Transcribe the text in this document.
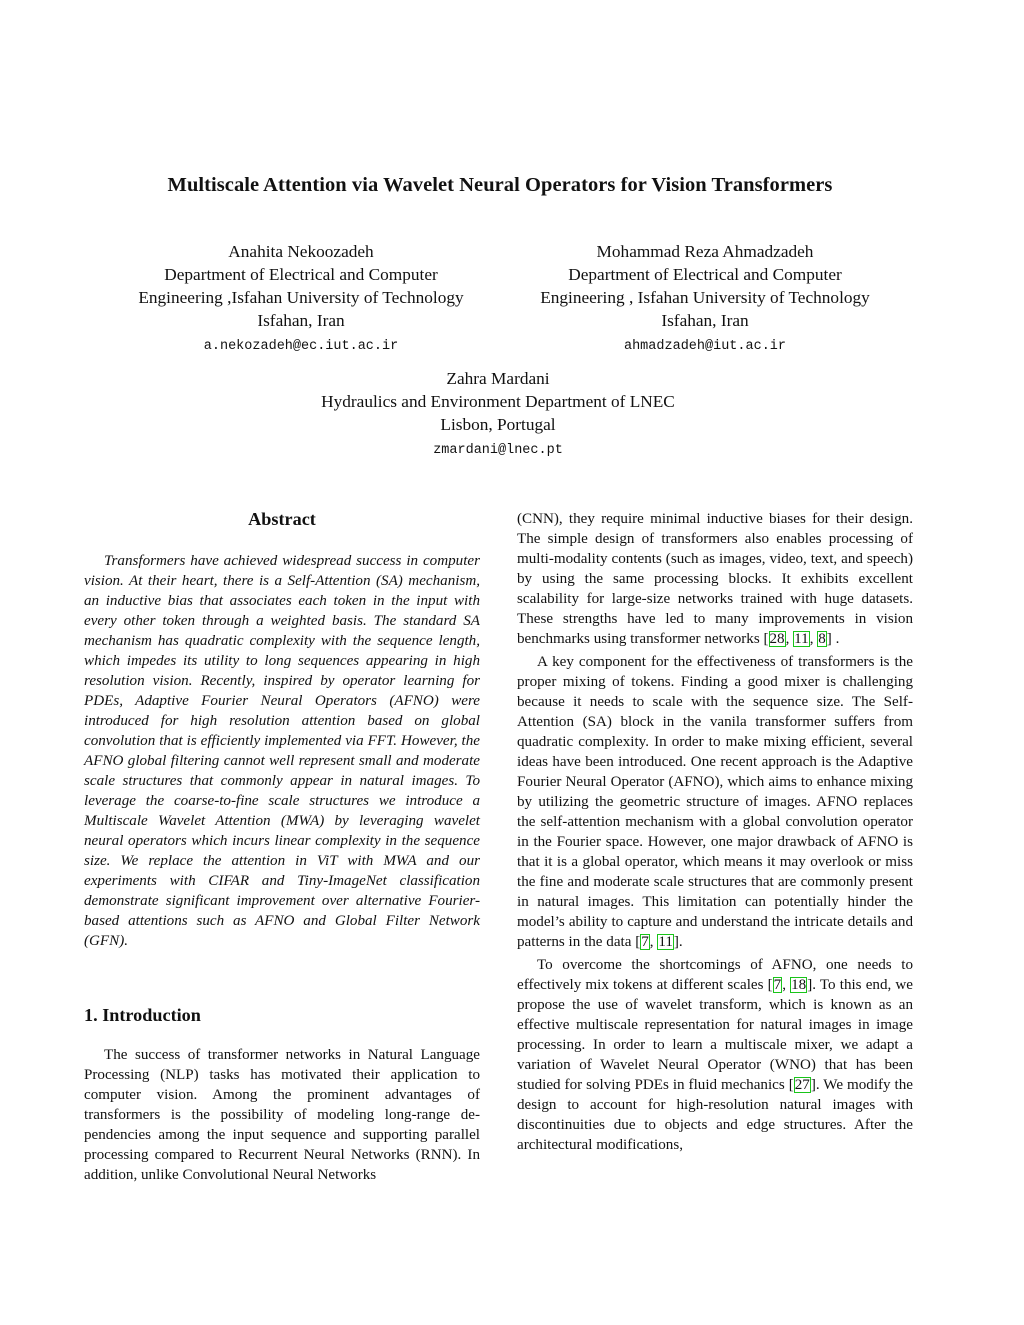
Multiscale Attention via Wavelet Neural Operators for Vision Transformers
Anahita Nekoozadeh
Department of Electrical and Computer
Engineering ,Isfahan University of Technology
Isfahan, Iran
a.nekozadeh@ec.iut.ac.ir
Mohammad Reza Ahmadzadeh
Department of Electrical and Computer
Engineering , Isfahan University of Technology
Isfahan, Iran
ahmadzadeh@iut.ac.ir
Zahra Mardani
Hydraulics and Environment Department of LNEC
Lisbon, Portugal
zmardani@lnec.pt
Abstract

Transformers have achieved widespread success in computer vision. At their heart, there is a Self-Attention (SA) mechanism, an inductive bias that associates each token in the input with every other token through a weighted basis. The standard SA mechanism has quadratic complexity with the sequence length, which impedes its utility to long sequences appearing in high resolution vision. Recently, inspired by operator learning for PDEs, Adaptive Fourier Neural Operators (AFNO) were introduced for high resolution attention based on global convolution that is efficiently implemented via FFT. However, the AFNO global filtering cannot well represent small and moderate scale structures that commonly appear in natural images. To leverage the coarse-to-fine scale structures we introduce a Multiscale Wavelet Attention (MWA) by leveraging wavelet neural operators which incurs linear complexity in the sequence size. We replace the attention in ViT with MWA and our experiments with CIFAR and Tiny-ImageNet classification demonstrate significant improvement over alternative Fourier-based attentions such as AFNO and Global Filter Network (GFN).

1. Introduction

The success of transformer networks in Natural Language Processing (NLP) tasks has motivated their application to computer vision. Among the prominent advantages of transformers is the possibility of modeling long-range dependencies among the input sequence and supporting parallel processing compared to Recurrent Neural Networks (RNN). In addition, unlike Convolutional Neural Networks

(CNN), they require minimal inductive biases for their design. The simple design of transformers also enables processing of multi-modality contents (such as images, video, text, and speech) by using the same processing blocks. It exhibits excellent scalability for large-size networks trained with huge datasets. These strengths have led to many improvements in vision benchmarks using transformer networks [28, 11, 8] .

A key component for the effectiveness of transformers is the proper mixing of tokens. Finding a good mixer is challenging because it needs to scale with the sequence size. The Self-Attention (SA) block in the vanila transformer suffers from quadratic complexity. In order to make mixing efficient, several ideas have been introduced. One recent approach is the Adaptive Fourier Neural Operator (AFNO), which aims to enhance mixing by utilizing the geometric structure of images. AFNO replaces the self-attention mechanism with a global convolution operator in the Fourier space. However, one major drawback of AFNO is that it is a global operator, which means it may overlook or miss the fine and moderate scale structures that are commonly present in natural images. This limitation can potentially hinder the model’s ability to capture and understand the intricate details and patterns in the data [7, 11].

To overcome the shortcomings of AFNO, one needs to effectively mix tokens at different scales [7, 18]. To this end, we propose the use of wavelet transform, which is known as an effective multiscale representation for natural images in image processing. In order to learn a multiscale mixer, we adapt a variation of Wavelet Neural Operator (WNO) that has been studied for solving PDEs in fluid mechanics [27]. We modify the design to account for high-resolution natural images with discontinuities due to objects and edge structures. After the architectural modifications,
